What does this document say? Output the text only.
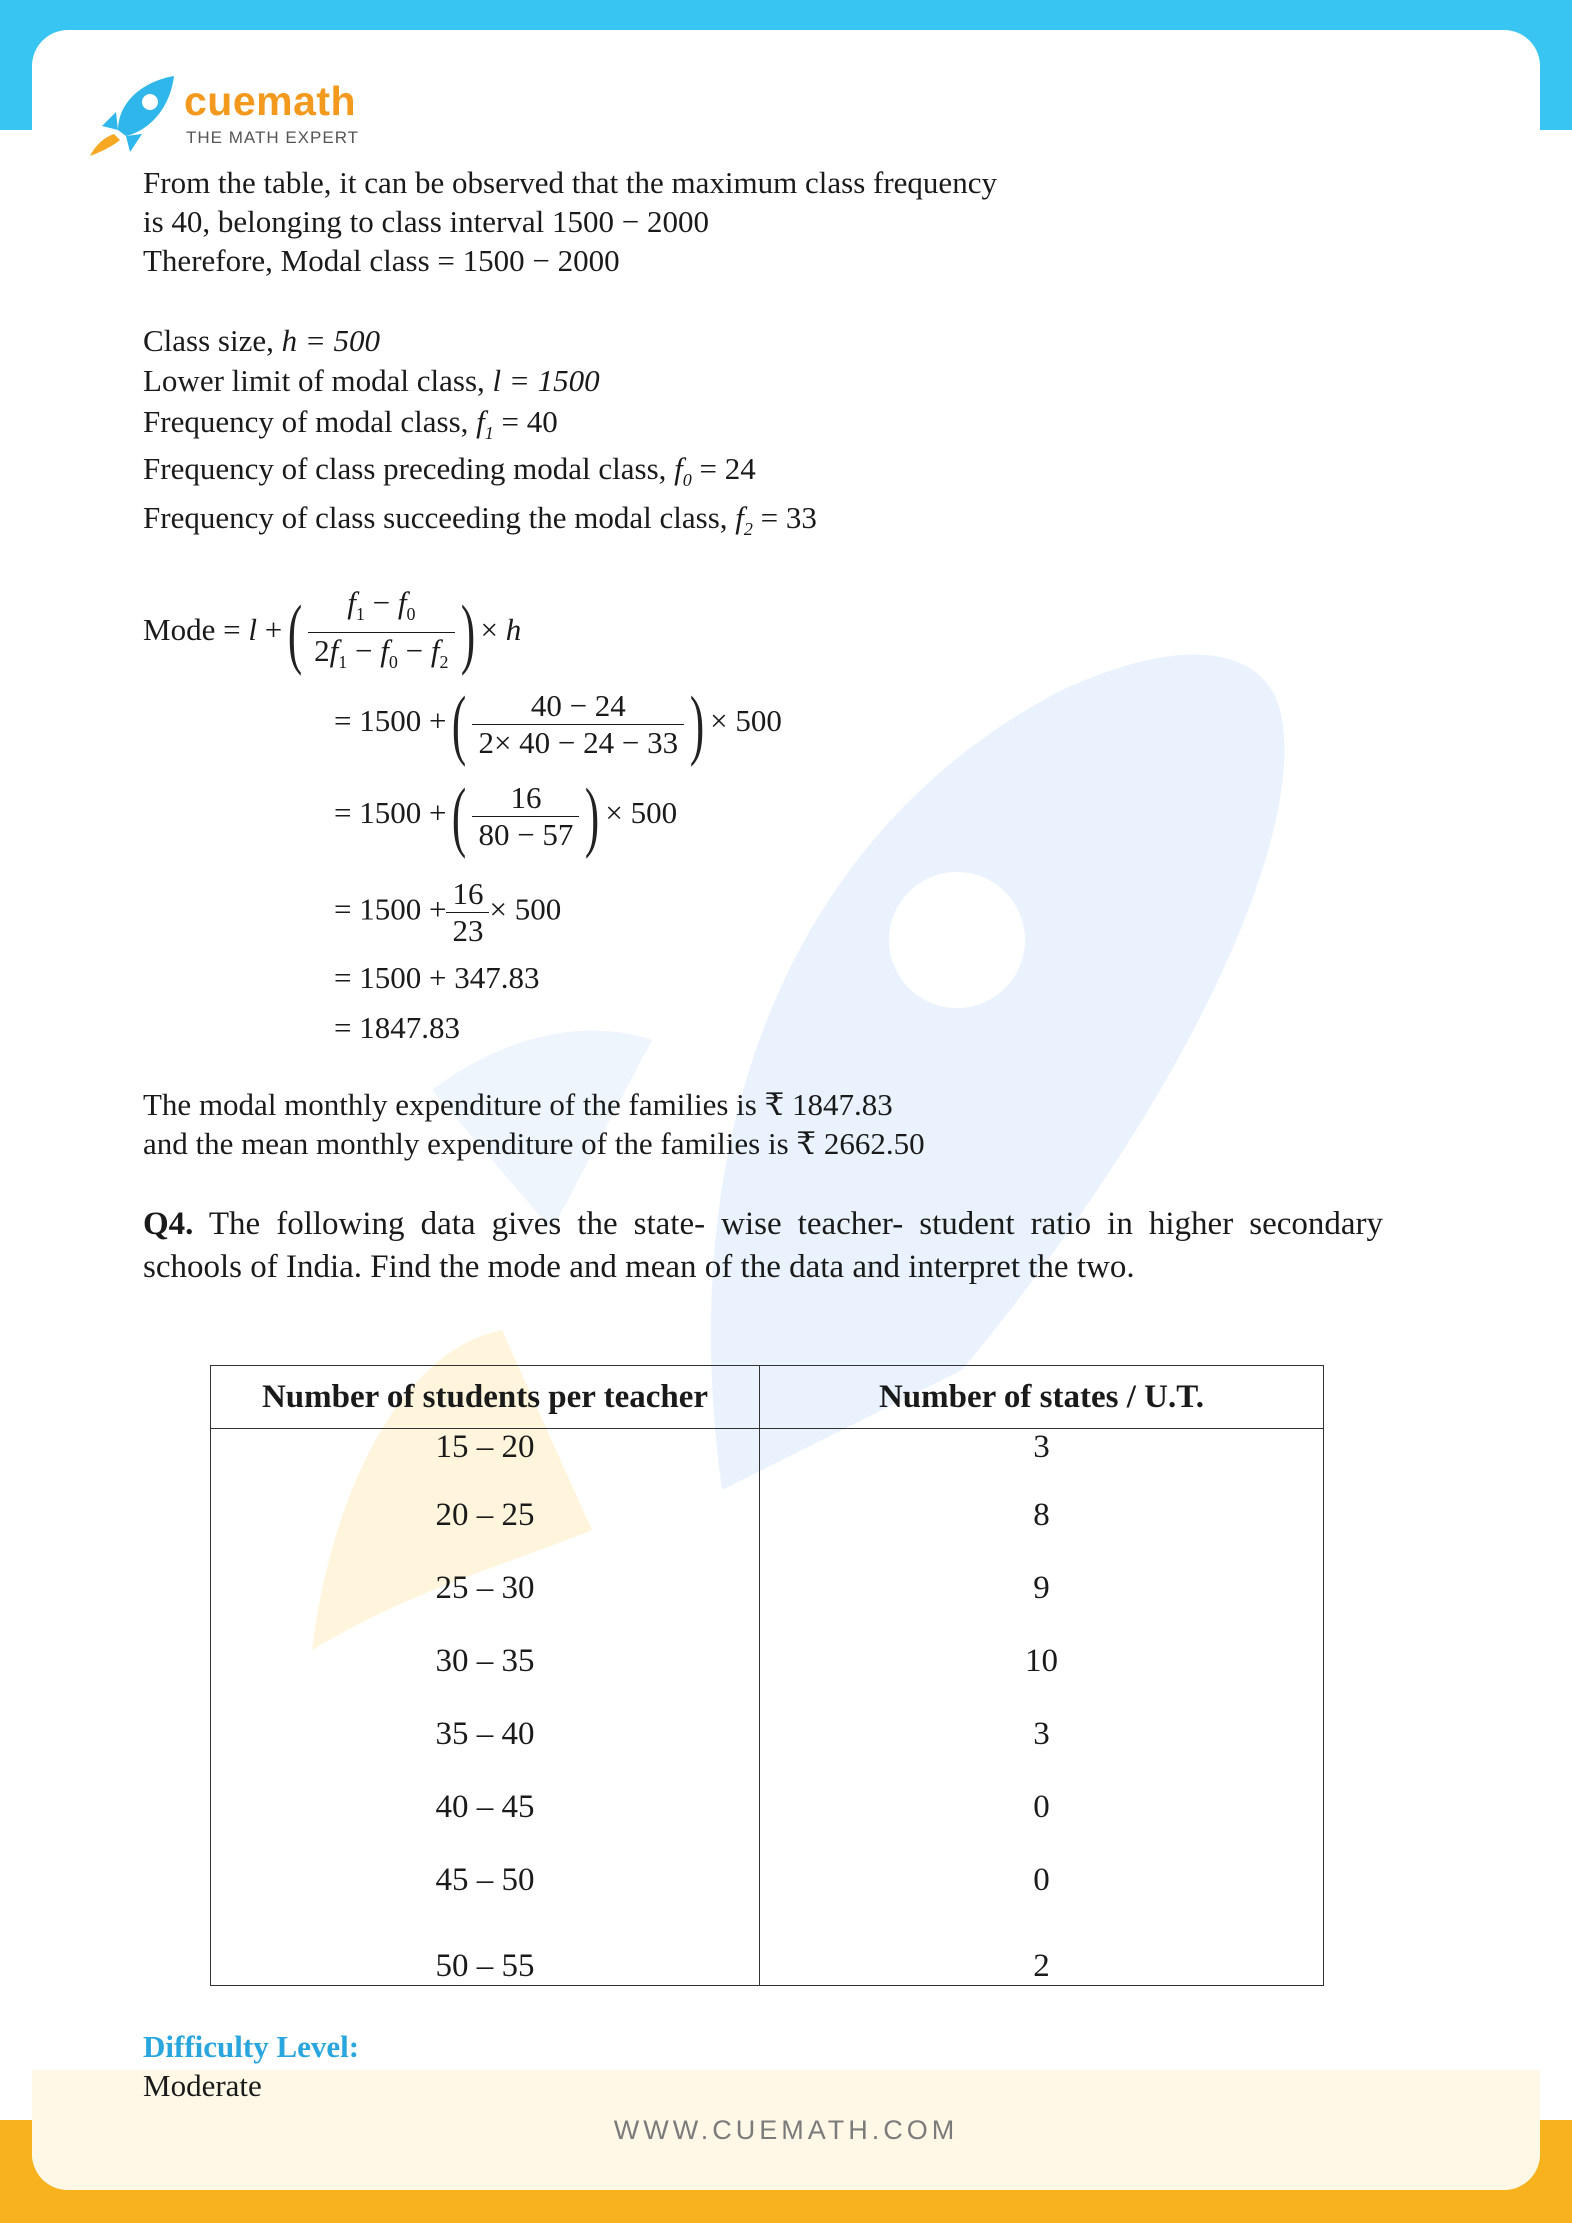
WWW.CUEMATH.COM
cuemath
THE MATH EXPERT
From the table, it can be observed that the maximum class frequency
is 40, belonging to class interval 1500 − 2000
Therefore, Modal class = 1500 − 2000
Class size, h = 500
Lower limit of modal class, l = 1500
Frequency of modal class, $f_1 = 40$
Frequency of class preceding modal class, $f_0 = 24$
Frequency of class succeeding the modal class, $f_2 = 33$
Mode = l +( $\frac{f_1 - f_0}{2f_1 - f_0 - f_2}$ ) × h
= 1500 +( $\frac{40 - 24}{2\times 40 - 24 - 33}$ ) × 500
= 1500 +( $\frac{16}{80 - 57}$ ) × 500
= $1500 + \frac{16}{23} \times 500$
= 1500 + 347.83
= 1847.83
The modal monthly expenditure of the families is ₹ 1847.83
and the mean monthly expenditure of the families is ₹ 2662.50
Q4. The following data gives the state- wise teacher- student ratio in higher secondary schools of India. Find the mode and mean of the data and interpret the two.
Number of students per teacher	Number of states / U.T.
15 – 20	3
20 – 25	8
25 – 30	9
30 – 35	10
35 – 40	3
40 – 45	0
45 – 50	0
50 – 55	2
Difficulty Level:
Moderate
